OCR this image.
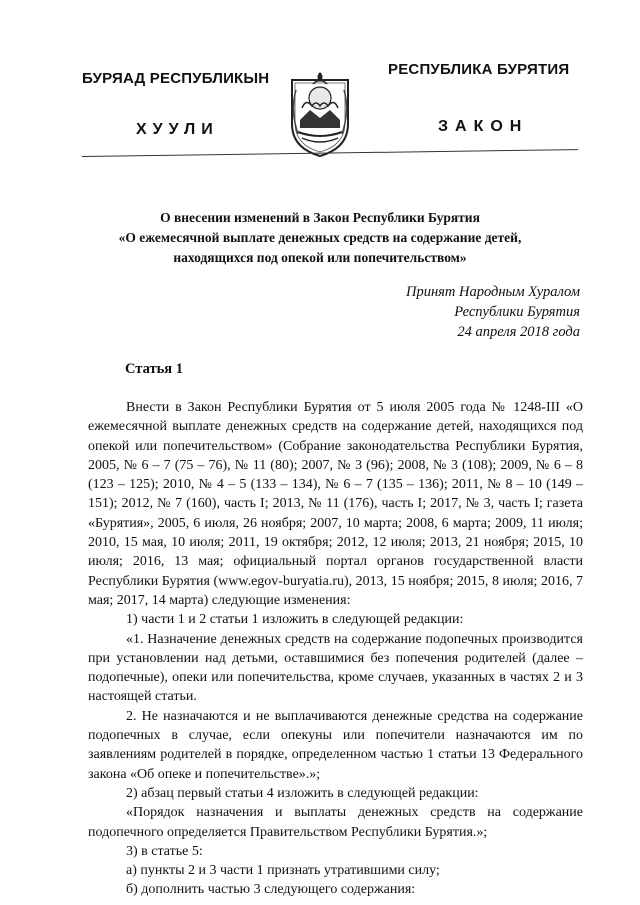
БУРЯАД РЕСПУБЛИКЫН
РЕСПУБЛИКА БУРЯТИЯ
ХУУЛИ	ЗАКОН
О внесении изменений в Закон Республики Бурятия
«О ежемесячной выплате денежных средств на содержание детей,
находящихся под опекой или попечительством»
Принят Народным Хуралом
Республики Бурятия
24 апреля 2018 года
Статья 1

Внести в Закон Республики Бурятия от 5 июля 2005 года № 1248-III «О ежемесячной выплате денежных средств на содержание детей, находящихся под опекой или попечительством» (Собрание законодательства Республики Бурятия, 2005, № 6 – 7 (75 – 76), № 11 (80); 2007, № 3 (96); 2008, № 3 (108); 2009, № 6 – 8 (123 – 125); 2010, № 4 – 5 (133 – 134), № 6 – 7 (135 – 136); 2011, № 8 – 10 (149 – 151); 2012, № 7 (160), часть I; 2013, № 11 (176), часть I; 2017, № 3, часть I; газета «Бурятия», 2005, 6 июля, 26 ноября; 2007, 10 марта; 2008, 6 марта; 2009, 11 июля; 2010, 15 мая, 10 июля; 2011, 19 октября; 2012, 12 июля; 2013, 21 ноября; 2015, 10 июля; 2016, 13 мая; официальный портал органов государственной власти Республики Бурятия (www.egov-buryatia.ru), 2013, 15 ноября; 2015, 8 июля; 2016, 7 мая; 2017, 14 марта) следующие изменения:

1) части 1 и 2 статьи 1 изложить в следующей редакции:

«1. Назначение денежных средств на содержание подопечных производится при установлении над детьми, оставшимися без попечения родителей (далее – подопечные), опеки или попечительства, кроме случаев, указанных в частях 2 и 3 настоящей статьи.

2. Не назначаются и не выплачиваются денежные средства на содержание подопечных в случае, если опекуны или попечители назначаются им по заявлениям родителей в порядке, определенном частью 1 статьи 13 Федерального закона «Об опеке и попечительстве».»;

2) абзац первый статьи 4 изложить в следующей редакции:

«Порядок назначения и выплаты денежных средств на содержание подопечного определяется Правительством Республики Бурятия.»;

3) в статье 5:

а) пункты 2 и 3 части 1 признать утратившими силу;

б) дополнить частью 3 следующего содержания:
